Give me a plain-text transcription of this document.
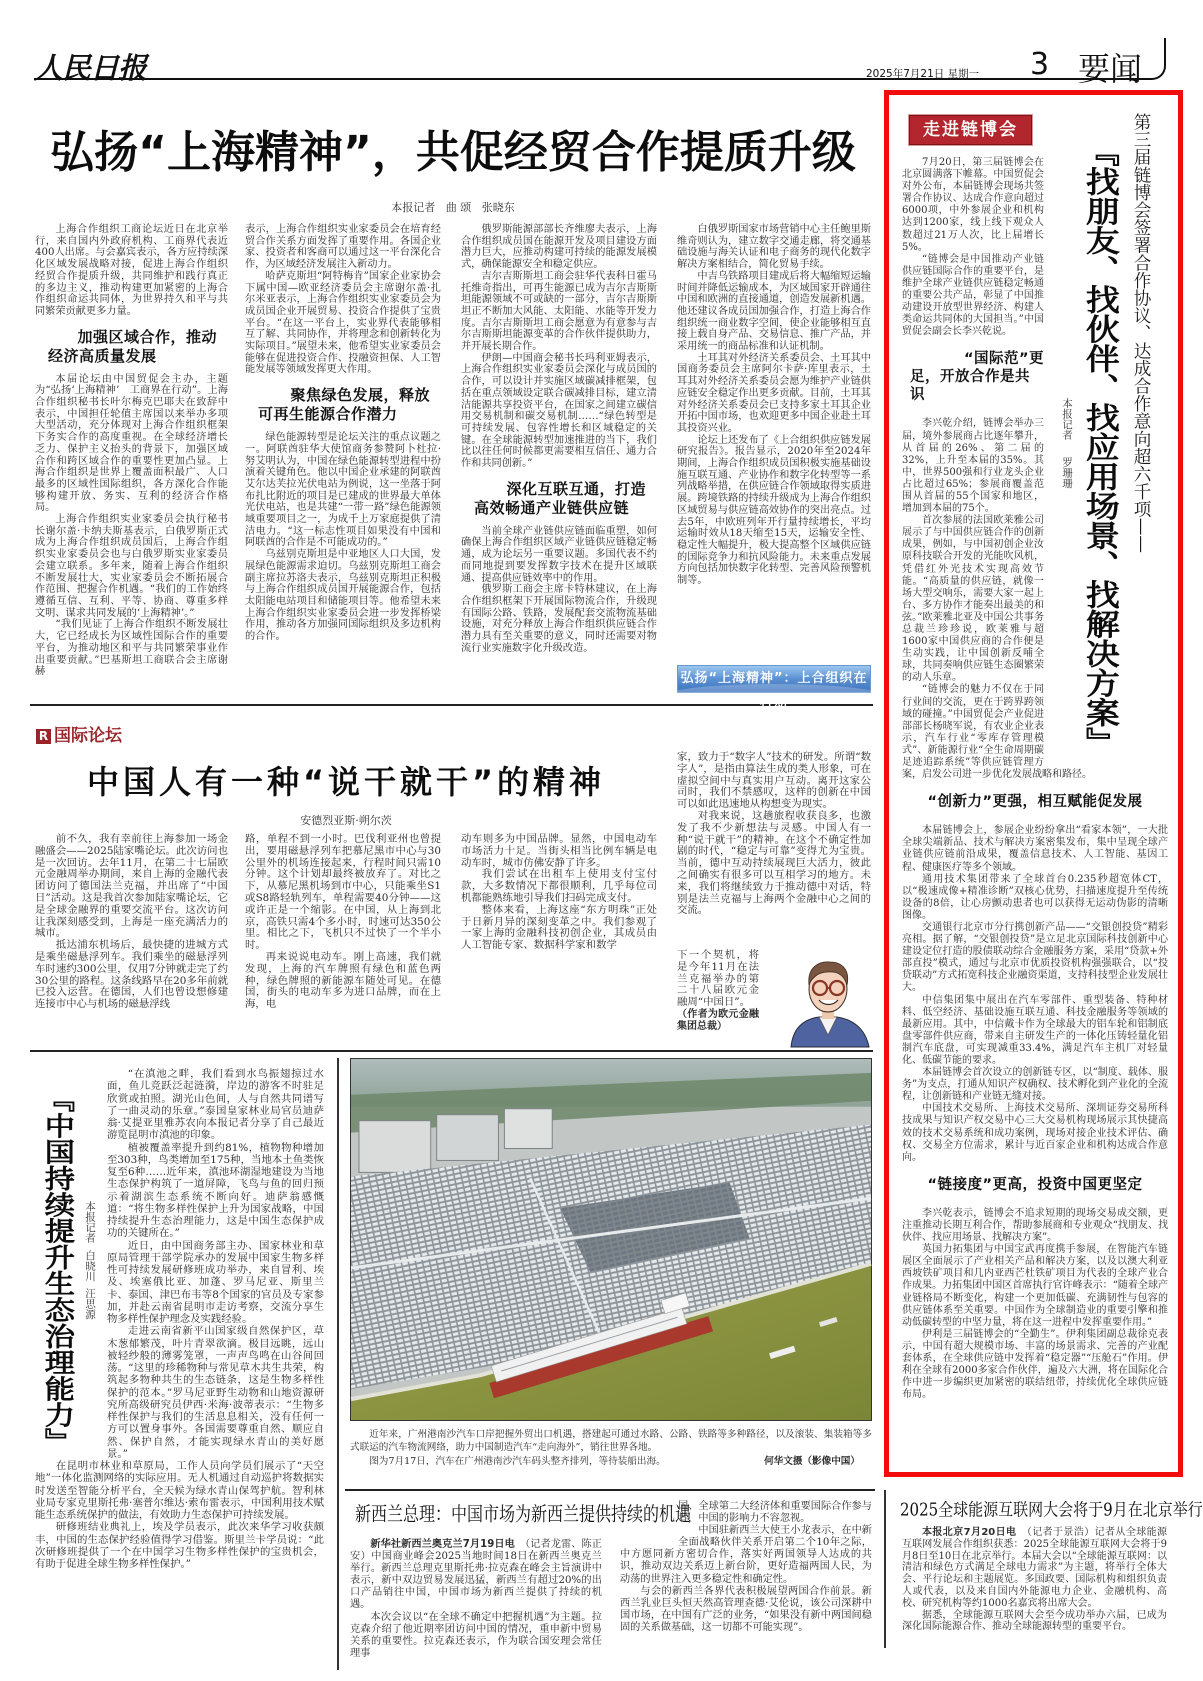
人民日报	2025年7月21日 星期一 3 要闻
弘扬“上海精神”，共促经贸合作提质升级
本报记者   曲 颂   张晓东

上海合作组织工商论坛近日在北京举行，来自国内外政府机构、工商界代表近400人出席。与会嘉宾表示，各方应持续深化区域发展战略对接，促进上海合作组织经贸合作提质升级，共同维护和践行真正的多边主义，推动构建更加紧密的上海合作组织命运共同体，为世界持久和平与共同繁荣贡献更多力量。

加强区域合作，推动
经济高质量发展

本届论坛由中国贸促会主办，主题为“弘扬‘上海精神’　工商界在行动”。上海合作组织秘书长叶尔梅克巴耶夫在致辞中表示，中国担任轮值主席国以来举办多项大型活动，充分体现对上海合作组织框架下务实合作的高度重视。在全球经济增长乏力、保护主义抬头的背景下，加强区域合作和跨区域合作的重要性更加凸显。上海合作组织是世界上覆盖面积最广、人口最多的区域性国际组织，各方深化合作能够构建开放、务实、互利的经济合作格局。

上海合作组织实业家委员会执行秘书长谢尔盖·卡纳夫斯基表示，白俄罗斯正式成为上海合作组织成员国后，上海合作组织实业家委员会也与白俄罗斯实业家委员会建立联系。多年来，随着上海合作组织不断发展壮大，实业家委员会不断拓展合作范围、把握合作机遇。“我们的工作始终遵循互信、互利、平等、协商、尊重多样文明、谋求共同发展的‘上海精神’。”

“我们见证了上海合作组织不断发展壮大，它已经成长为区域性国际合作的重要平台，为推动地区和平与共同繁荣事业作出重要贡献。”巴基斯坦工商联合会主席谢赫

表示，上海合作组织实业家委员会在培育经贸合作关系方面发挥了重要作用。各国企业家、投资者和客商可以通过这一平台深化合作，为区域经济发展注入新动力。

哈萨克斯坦“阿特梅肯”国家企业家协会下属中国—欧亚经济委员会主席谢尔盖·扎尔米亚表示，上海合作组织实业家委员会为成员国企业开展贸易、投资合作提供了宝贵平台。“在这一平台上，实业界代表能够相互了解、共同协作，并将理念和创新转化为实际项目。”展望未来，他希望实业家委员会能够在促进投资合作、投融资担保、人工智能发展等领域发挥更大作用。

聚焦绿色发展，释放
可再生能源合作潜力

绿色能源转型是论坛关注的重点议题之一。阿联酋驻华大使馆商务参赞阿卜杜拉·努艾明认为，中国在绿色能源转型进程中扮演着关键角色。他以中国企业承建的阿联酋艾尔达芙拉光伏电站为例说，这一坐落于阿布扎比附近的项目是已建成的世界最大单体光伏电站，也是共建“一带一路”绿色能源领域重要项目之一，为成千上万家庭提供了清洁电力。“这一标志性项目如果没有中国和阿联酋的合作是不可能成功的。”

乌兹别克斯坦是中亚地区人口大国，发展绿色能源需求迫切。乌兹别克斯坦工商会副主席拉苏洛夫表示，乌兹别克斯坦正积极与上海合作组织成员国开展能源合作，包括太阳能电站项目和储能项目等。他希望未来上海合作组织实业家委员会进一步发挥桥梁作用，推动各方加强同国际组织及多边机构的合作。

俄罗斯能源部部长齐维廖夫表示，上海合作组织成员国在能源开发及项目建设方面潜力巨大，应推动构建可持续的能源发展模式，确保能源安全和稳定供应。

吉尔吉斯斯坦工商会驻华代表科日霍马托维奇指出，可再生能源已成为吉尔吉斯斯坦能源领域不可或缺的一部分，吉尔吉斯斯坦正不断加大风能、太阳能、水能等开发力度。吉尔吉斯斯坦工商会愿意为有意参与吉尔吉斯斯坦能源变革的合作伙伴提供助力，并开展长期合作。

伊朗—中国商会秘书长玛利亚姆表示，上海合作组织实业家委员会深化与成员国的合作，可以设计并实施区域碳减排框架，包括在重点领域设定联合碳减排目标，建立清洁能源共享投资平台，在国家之间建立碳信用交易机制和碳交易机制……“绿色转型是可持续发展、包容性增长和区域稳定的关键。在全球能源转型加速推进的当下，我们比以往任何时候都更需要相互信任、通力合作和共同创新。”

深化互联互通，打造
高效畅通产业链供应链

当前全球产业链供应链面临重塑，如何确保上海合作组织区域产业链供应链稳定畅通，成为论坛另一重要议题。多国代表不约而同地提到要发挥数字技术在提升区域联通、提高供应链效率中的作用。

俄罗斯工商会主席卡特林建议，在上海合作组织框架下开展国际物流合作，升级现有国际公路、铁路，发展配套交流物流基础设施，对充分释放上海合作组织供应链合作潜力具有至关重要的意义，同时还需要对物流行业实施数字化升级改造。

白俄罗斯国家市场营销中心主任鲍里斯维奇则认为，建立数字交通走廊，将交通基础设施与海关认证和电子商务的现代化数字解决方案相结合，简化贸易手续。

中吉乌铁路项目建成后将大幅缩短运输时间并降低运输成本，为区域国家开辟通往中国和欧洲的直接通道，创造发展新机遇。他还建议各成员国加强合作，打造上海合作组织统一商业数字空间，使企业能够相互直接上载自身产品、交易信息、推广产品，并采用统一的商品标准和认证机制。

土耳其对外经济关系委员会、土耳其中国商务委员会主席阿尔卡萨·库里表示，土耳其对外经济关系委员会愿为维护产业链供应链安全稳定作出更多贡献。目前，土耳其对外经济关系委员会已支持多家土耳其企业开拓中国市场，也欢迎更多中国企业赴土耳其投资兴业。

论坛上还发布了《上合组织供应链发展研究报告》。报告显示，2020年至2024年期间，上海合作组织成员国积极实施基础设施互联互通、产业协作和数字化转型等一系列战略举措，在供应链合作领域取得实质进展。跨境铁路的持续升级成为上海合作组织区域贸易与供应链高效协作的突出亮点。过去5年，中欧班列年开行量持续增长，平均运输时效从18天缩至15天，运输安全性、稳定性大幅提升，极大提高整个区域供应链的国际竞争力和抗风险能力。未来重点发展方向包括加快数字化转型、完善风险预警机制等。

弘扬“上海精神”：上合组织在行动
走进链博会	第三届链博会签署合作协议、达成合作意向超六千项——
『找朋友、找伙伴、找应用场景、找解决方案』
本报记者 罗珊珊

7月20日，第三届链博会在北京圆满落下帷幕。中国贸促会对外公布，本届链博会现场共签署合作协议、达成合作意向超过6000项，中外参展企业和机构达到1200家，线上线下观众人数超过21万人次，比上届增长5%。

“链博会是中国推动产业链供应链国际合作的重要平台，是维护全球产业链供应链稳定畅通的重要公共产品，彰显了中国推动建设开放型世界经济、构建人类命运共同体的大国担当。”中国贸促会副会长李兴乾说。

“国际范”更
足，开放合作是共识

李兴乾介绍，链博会举办三届，境外参展商占比逐年攀升，从首届的26%、第二届的32%，上升至本届的35%。其中，世界500强和行业龙头企业占比超过65%；参展商覆盖范围从首届的55个国家和地区，增加到本届的75个。

首次参展的法国欧莱雅公司展示了与中国供应链合作的创新成果，例如，与中国初创企业汝原科技联合开发的光能吹风机，凭借红外光技术实现高效节能。“高质量的供应链，就像一场大型交响乐，需要大家一起上台、多方协作才能奏出最美的和弦。”欧莱雅北亚及中国公共事务总裁兰珍珍说，欧莱雅与超1600家中国供应商的合作便是生动实践，让中国创新反哺全球，共同奏响供应链生态圈繁荣的动人乐章。

“链博会的魅力不仅在于同行业间的交流，更在于跨界跨领域的碰撞。”中国贸促会产业促进部部长杨晓军说，有农业企业表示，汽车行业“零库存管理模式”、新能源行业“全生命周期碳足迹追踪系统”等供应链管理方案，启发公司进一步优化发展战略和路径。

“创新力”更强，相互赋能促发展

本届链博会上，参展企业纷纷拿出“看家本领”，一大批全球尖端新品、技术与解决方案密集发布，集中呈现全球产业链供应链前沿成果，覆盖信息技术、人工智能、基因工程、健康医疗等多个领域。

通用技术集团带来了全球首台0.235秒超宽体CT，以“极速成像+精准诊断”双核心优势，扫描速度提升至传统设备的8倍，让心房颤动患者也可以获得无运动伪影的清晰图像。

交通银行北京市分行携创新产品——“交银创投贷”精彩亮相。据了解，“交银创投贷”是立足北京国际科技创新中心建设定位打造的股债联动综合金融服务方案，采用“贷款+外部直投”模式，通过与北京市优质投资机构强强联合，以“投贷联动”方式拓宽科技企业融资渠道，支持科技型企业发展壮大。

中信集团集中展出在汽车零部件、重型装备、特种材料、低空经济、基础设施互联互通、科技金融服务等领域的最新应用。其中，中信戴卡作为全球最大的铝车轮和铝制底盘零部件供应商，带来自主研发生产的一体化压铸轻量化铝制汽车底盘，可实现减重33.4%，满足汽车主机厂对轻量化、低碳节能的要求。

本届链博会首次设立的创新链专区，以“制度、载体、服务”为支点，打通从知识产权确权、技术孵化到产业化的全流程，让创新链和产业链无缝对接。

中国技术交易所、上海技术交易所、深圳证券交易所科技成果与知识产权交易中心三大交易机构现场展示其快捷高效的技术交易系统和成功案例，现场对接企业技术评估、确权、交易全方位需求，累计与近百家企业和机构达成合作意向。

“链接度”更高，投资中国更坚定

李兴乾表示，链博会不追求短期的现场交易成交额，更注重推动长期互利合作，帮助参展商和专业观众“找朋友、找伙伴、找应用场景、找解决方案”。

英国力拓集团与中国宝武再度携手参展，在智能汽车链展区全面展示了产业相关产品和解决方案，以及以澳大利亚西坡铁矿项目和几内亚西芒杜铁矿项目为代表的全球产业合作成果。力拓集团中国区首席执行官许峰表示：“随着全球产业链格局不断变化，构建一个更加低碳、充满韧性与包容的供应链体系至关重要。中国作为全球制造业的重要引擎和推动低碳转型的中坚力量，将在这一进程中发挥重要作用。”

伊利是三届链博会的“全勤生”。伊利集团副总裁徐克表示，中国有超大规模市场、丰富的场景需求、完善的产业配套体系，在全球供应链中发挥着“稳定器”“压舱石”作用。伊利在全球有2000多家合作伙伴，遍及六大洲，将在国际化合作中进一步编织更加紧密的联结纽带，持续优化全球供应链布局。

R 国际论坛
中国人有一种“说干就干”的精神
安德烈亚斯·朔尔茨

前不久，我有幸前往上海参加一场金融盛会——2025陆家嘴论坛。此次访问也是一次回访。去年11月，在第二十七届欧元金融周举办期间，来自上海的金融代表团访问了德国法兰克福，并出席了“中国日”活动。这是我首次参加陆家嘴论坛，它是全球金融界的重要交流平台。这次访问让我深刻感受到，上海是一座充满活力的城市。

抵达浦东机场后，最快捷的进城方式是乘坐磁悬浮列车。我们乘坐的磁悬浮列车时速约300公里，仅用7分钟就走完了约30公里的路程。这条线路早在20多年前就已投入运营。在德国，人们也曾设想修建连接市中心与机场的磁悬浮线

路，单程不到一小时。巴伐利亚州也曾提出，要用磁悬浮列车把慕尼黑市中心与30公里外的机场连接起来，行程时间只需10分钟。这个计划却最终被放弃了。对比之下，从慕尼黑机场到市中心，只能乘坐S1或S8路轻轨列车，单程需要40分钟——这或许正是一个缩影。在中国，从上海到北京，高铁只需4个多小时，时速可达350公里。相比之下，飞机只不过快了一个半小时。

再来说说电动车。刚上高速，我们就发现，上海的汽车牌照有绿色和蓝色两种，绿色牌照的新能源车随处可见。在德国，街头的电动车多为进口品牌，而在上海，电

动车则多为中国品牌。显然，中国电动车市场活力十足。当街头相当比例车辆是电动车时，城市仿佛安静了许多。

我们尝试在出租车上使用支付宝付款，大多数情况下都很顺利，几乎每位司机都能熟练地引导我们扫码完成支付。

整体来看，上海这座“东方明珠”正处于日新月异的深刻变革之中。我们参观了一家上海的金融科技初创企业，其成员由人工智能专家、数据科学家和数学

家，致力于“数字人”技术的研发。所谓“数字人”，是指由算法生成的类人形象，可在虚拟空间中与真实用户互动。离开这家公司时，我们不禁感叹，这样的创新在中国可以如此迅速地从构想变为现实。

对我来说，这趟旅程收获良多，也激发了我不少新想法与灵感。中国人有一种“说干就干”的精神。在这个不确定性加剧的时代，“稳定与可靠”变得尤为宝贵。当前，德中互动持续展现巨大活力，彼此之间确实有很多可以互相学习的地方。未来，我们将继续致力于推动德中对话，特别是法兰克福与上海两个金融中心之间的交流。

下一个契机，将是今年11月在法兰克福举办的第二十八届欧元金融周“中国日”。

（作者为欧元金融集团总裁）

『中国持续提升生态治理能力』 本报记者  白晓川  汪思源

“在滇池之畔，我们看到水鸟振翅掠过水面，鱼儿竞跃泛起涟漪，岸边的游客不时驻足欣赏或拍照。湖光山色间，人与自然共同谱写了一曲灵动的乐章。”泰国皇家林业局官员迪萨翁·艾提亚里雅苏农向本报记者分享了自己最近游览昆明市滇池的印象。

植被覆盖率提升到约81%，植物物种增加至303种，鸟类增加至175种，当地本土鱼类恢复至6种……近年来，滇池环湖湿地建设为当地生态保护构筑了一道屏障，飞鸟与鱼的回归预示着湖滨生态系统不断向好。迪萨翁感慨道：“将生物多样性保护上升为国家战略，中国持续提升生态治理能力，这是中国生态保护成功的关键所在。”

近日，由中国商务部主办、国家林业和草原局管理干部学院承办的发展中国家生物多样性可持续发展研修班成功举办，来自冒利、埃及、埃塞俄比亚、加蓬、罗马尼亚、斯里兰卡、泰国、津巴布韦等8个国家的官员及专家参加，并赴云南省昆明市走访考察，交流分享生物多样性保护理念及实践经验。

走进云南省新平山国家级自然保护区，草木葱郁繁茂，叶片青翠欲滴。极目远眺，远山被轻纱般的薄雾笼罩，一声声鸟鸣在山谷间回荡。“这里的珍稀物种与常见草木共生共荣，构筑起多物种共生的生态链条，这是生物多样性保护的范本。”罗马尼亚野生动物和山地资源研究所高级研究员伊西·米海·波蒂表示：“生物多样性保护与我们的生活息息相关，没有任何一方可以置身事外。各国需要尊重自然、顺应自然、保护自然，才能实现绿水青山的美好愿景。”

在昆明市林业和草原局，工作人员向学员们展示了“天空地”一体化监测网络的实际应用。无人机通过自动巡护将数据实时发送至智能分析平台，全天候为绿水青山保驾护航。智利林业局专家克里斯托弗·塞普尔维达·索布雷表示，中国利用技术赋能生态系统保护的做法，有效助力生态保护可持续发展。

研修班结业典礼上，埃及学员表示，此次来华学习收获颇丰，中国的生态保护经验值得学习借鉴。斯里兰卡学员说：“此次研修班提供了一个在中国学习生物多样性保护的宝贵机会，有助于促进全球生物多样性保护。”

近年来，广州港南沙汽车口岸把握外贸出口机遇，搭建起可通过水路、公路、铁路等多种路径，以及滚装、集装箱等多式联运的汽车物流网络，助力中国制造汽车“走向海外”，销往世界各地。

图为7月17日，汽车在广州港南沙汽车码头整齐排列，等待装船出海。	何华文摄（影像中国）
新西兰总理：中国市场为新西兰提供持续的机遇

新华社新西兰奥克兰7月19日电　（记者龙雷、陈正安）中国商业峰会2025当地时间18日在新西兰奥克兰举行。新西兰总理克里斯托弗·拉克森在峰会主旨演讲中表示，新中双边贸易发展迅猛，新西兰有超过20%的出口产品销往中国，中国市场为新西兰提供了持续的机遇。

本次会议以“在全球不确定中把握机遇”为主题。拉克森介绍了他近期率团访问中国的情况，重申新中贸易关系的重要性。拉克森还表示，作为联合国安理会常任理事

国、全球第二大经济体和重要国际合作参与者，中国的影响力不容忽视。

中国驻新西兰大使王小龙表示，在中新全面战略伙伴关系开启第二个10年之际，中方愿同新方密切合作，落实好两国领导人达成的共识，推动双边关系迈上新台阶，更好造福两国人民，为动荡的世界注入更多稳定性和确定性。

与会的新西兰各界代表积极展望两国合作前景。新西兰乳业巨头恒天然高管理查德·艾伦说，该公司深耕中国市场，在中国有广泛的业务，“如果没有新中两国间稳固的关系做基础，这一切都不可能实现”。

2025全球能源互联网大会将于9月在北京举行

本报北京7月20日电　（记者于景浩）记者从全球能源互联网发展合作组织获悉：2025全球能源互联网大会将于9月8日至10日在北京举行。本届大会以“全球能源互联网：以清洁和绿色方式满足全球电力需求”为主题，将举行全体大会、平行论坛和主题展览。多国政要、国际机构和组织负责人或代表，以及来自国内外能源电力企业、金融机构、高校、研究机构等约1000名嘉宾将出席大会。

据悉，全球能源互联网大会至今成功举办六届，已成为深化国际能源合作、推动全球能源转型的重要平台。
